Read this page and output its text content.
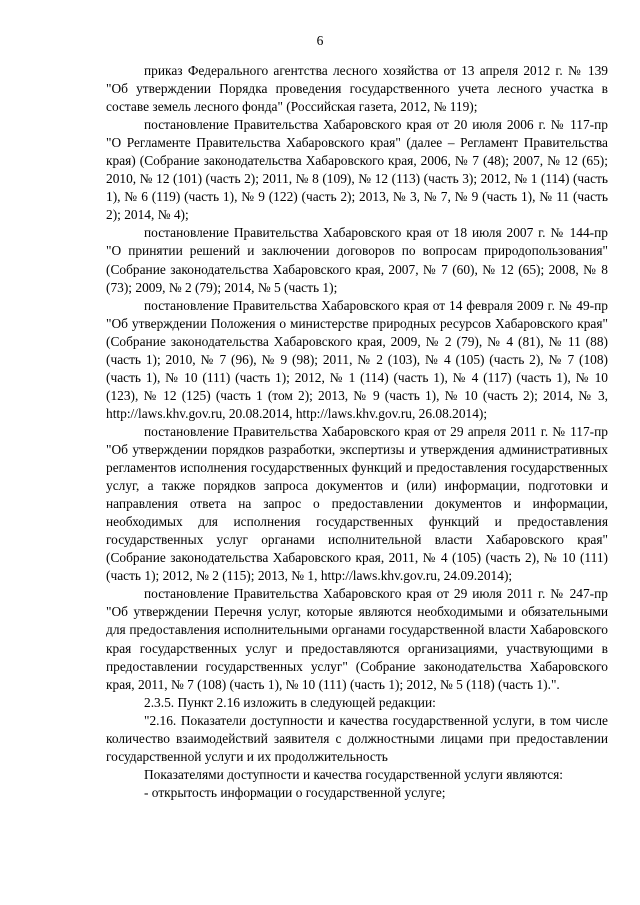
6

приказ Федерального агентства лесного хозяйства от 13 апреля 2012 г. № 139 "Об утверждении Порядка проведения государственного учета лесного участка в составе земель лесного фонда" (Российская газета, 2012, № 119);

постановление Правительства Хабаровского края от 20 июля 2006 г. № 117-пр "О Регламенте Правительства Хабаровского края" (далее – Регламент Правительства края) (Собрание законодательства Хабаровского края, 2006, № 7 (48); 2007, № 12 (65); 2010, № 12 (101) (часть 2); 2011, № 8 (109), № 12 (113) (часть 3); 2012, № 1 (114) (часть 1), № 6 (119) (часть 1), № 9 (122) (часть 2); 2013, № 3, № 7, № 9 (часть 1), № 11 (часть 2); 2014, № 4);

постановление Правительства Хабаровского края от 18 июля 2007 г. № 144-пр "О принятии решений и заключении договоров по вопросам природопользования" (Собрание законодательства Хабаровского края, 2007, № 7 (60), № 12 (65); 2008, № 8 (73); 2009, № 2 (79); 2014, № 5 (часть 1);

постановление Правительства Хабаровского края от 14 февраля 2009 г. № 49-пр "Об утверждении Положения о министерстве природных ресурсов Хабаровского края" (Собрание законодательства Хабаровского края, 2009, № 2 (79), № 4 (81), № 11 (88) (часть 1); 2010, № 7 (96), № 9 (98); 2011, № 2 (103), № 4 (105) (часть 2), № 7 (108) (часть 1), № 10 (111) (часть 1); 2012, № 1 (114) (часть 1), № 4 (117) (часть 1), № 10 (123), № 12 (125) (часть 1 (том 2); 2013, № 9 (часть 1), № 10 (часть 2); 2014, № 3, http://laws.khv.gov.ru, 20.08.2014, http://laws.khv.gov.ru, 26.08.2014);

постановление Правительства Хабаровского края от 29 апреля 2011 г. № 117-пр "Об утверждении порядков разработки, экспертизы и утверждения административных регламентов исполнения государственных функций и предоставления государственных услуг, а также порядков запроса документов и (или) информации, подготовки и направления ответа на запрос о предоставлении документов и информации, необходимых для исполнения государственных функций и предоставления государственных услуг органами исполнительной власти Хабаровского края" (Собрание законодательства Хабаровского края, 2011, № 4 (105) (часть 2), № 10 (111) (часть 1); 2012, № 2 (115); 2013, № 1, http://laws.khv.gov.ru, 24.09.2014);

постановление Правительства Хабаровского края от 29 июля 2011 г. № 247-пр "Об утверждении Перечня услуг, которые являются необходимыми и обязательными для предоставления исполнительными органами государственной власти Хабаровского края государственных услуг и предоставляются организациями, участвующими в предоставлении государственных услуг" (Собрание законодательства Хабаровского края, 2011, № 7 (108) (часть 1), № 10 (111) (часть 1); 2012, № 5 (118) (часть 1).".

2.3.5. Пункт 2.16 изложить в следующей редакции:

"2.16. Показатели доступности и качества государственной услуги, в том числе количество взаимодействий заявителя с должностными лицами при предоставлении государственной услуги и их продолжительность

Показателями доступности и качества государственной услуги являются:

- открытость информации о государственной услуге;
